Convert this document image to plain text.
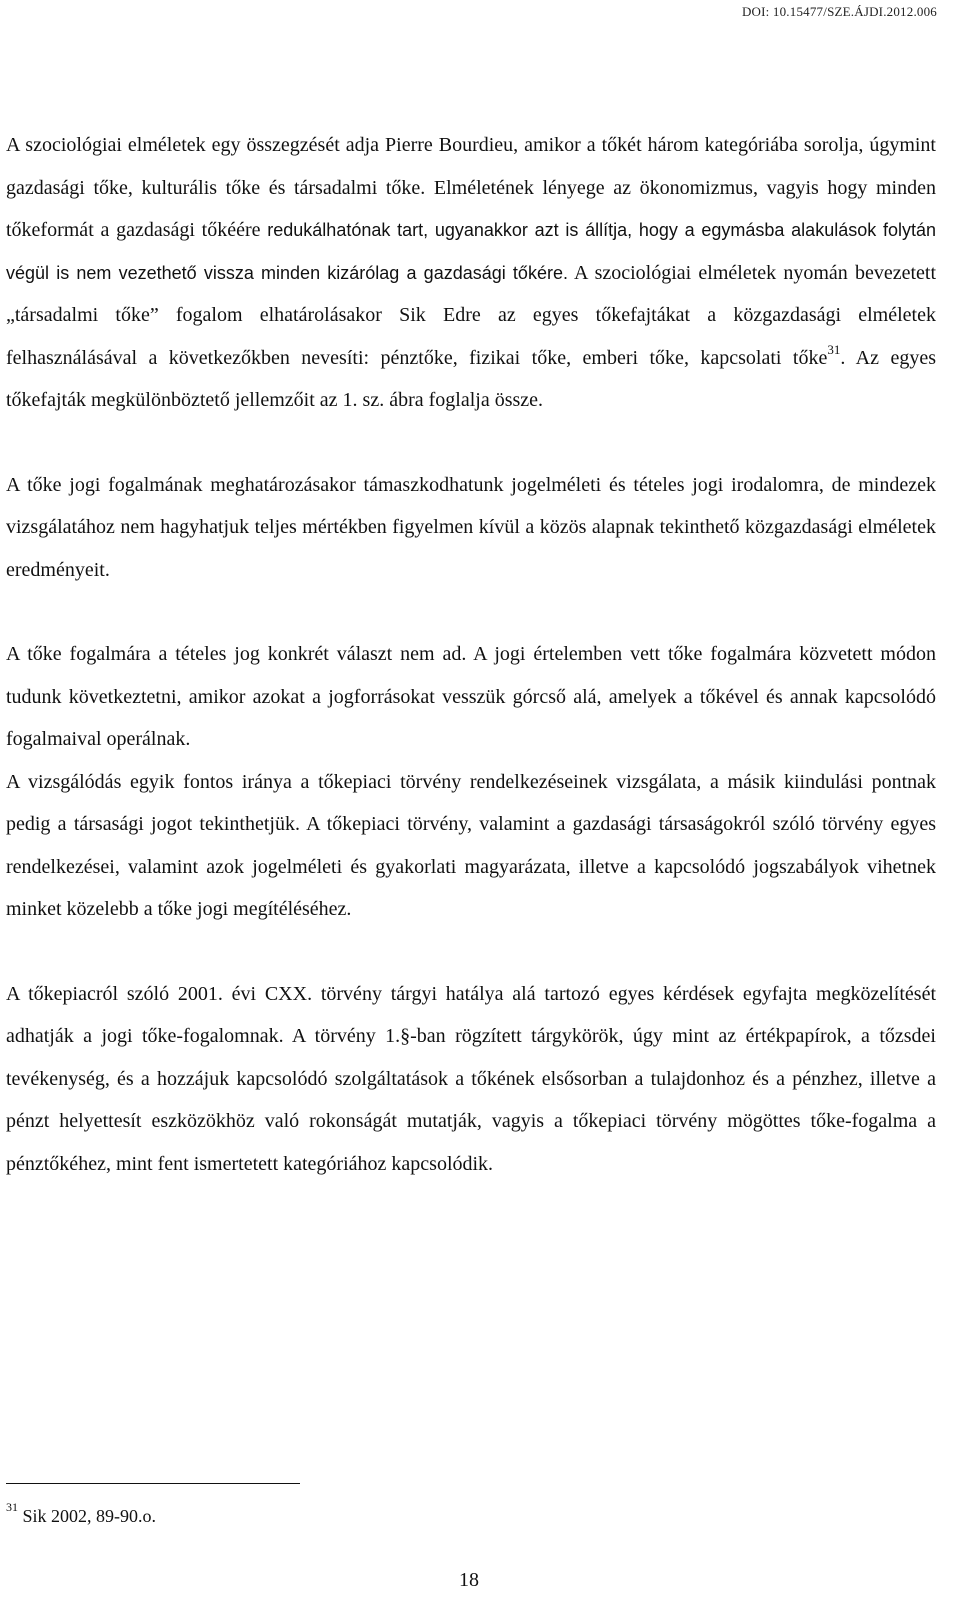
DOI: 10.15477/SZE.ÁJDI.2012.006

A szociológiai elméletek egy összegzését adja Pierre Bourdieu, amikor a tőkét három kategóriába sorolja, úgymint gazdasági tőke, kulturális tőke és társadalmi tőke. Elméletének lényege az ökonomizmus, vagyis hogy minden tőkeformát a gazdasági tőkéére redukálhatónak tart, ugyanakkor azt is állítja, hogy a egymásba alakulások folytán végül is nem vezethető vissza minden kizárólag a gazdasági tőkére. A szociológiai elméletek nyomán bevezetett „társadalmi tőke” fogalom elhatárolásakor Sik Edre az egyes tőkefajtákat a közgazdasági elméletek felhasználásával a következőkben nevesíti: pénztőke, fizikai tőke, emberi tőke, kapcsolati tőke$^{31}$. Az egyes tőkefajták megkülönböztető jellemzőit az 1. sz. ábra foglalja össze.

A tőke jogi fogalmának meghatározásakor támaszkodhatunk jogelméleti és tételes jogi irodalomra, de mindezek vizsgálatához nem hagyhatjuk teljes mértékben figyelmen kívül a közös alapnak tekinthető közgazdasági elméletek eredményeit.

A tőke fogalmára a tételes jog konkrét választ nem ad. A jogi értelemben vett tőke fogalmára közvetett módon tudunk következtetni, amikor azokat a jogforrásokat vesszük górcső alá, amelyek a tőkével és annak kapcsolódó fogalmaival operálnak.

A vizsgálódás egyik fontos iránya a tőkepiaci törvény rendelkezéseinek vizsgálata, a másik kiindulási pontnak pedig a társasági jogot tekinthetjük. A tőkepiaci törvény, valamint a gazdasági társaságokról szóló törvény egyes rendelkezései, valamint azok jogelméleti és gyakorlati magyarázata, illetve a kapcsolódó jogszabályok vihetnek minket közelebb a tőke jogi megítéléséhez.

A tőkepiacról szóló 2001. évi CXX. törvény tárgyi hatálya alá tartozó egyes kérdések egyfajta megközelítését adhatják a jogi tőke-fogalomnak. A törvény 1.§-ban rögzített tárgykörök, úgy mint az értékpapírok, a tőzsdei tevékenység, és a hozzájuk kapcsolódó szolgáltatások a tőkének elsősorban a tulajdonhoz és a pénzhez, illetve a pénzt helyettesít eszközökhöz való rokonságát mutatják, vagyis a tőkepiaci törvény mögöttes tőke-fogalma a pénztőkéhez, mint fent ismertetett kategóriához kapcsolódik.

$^{31}$ Sik 2002, 89-90.o.
18
